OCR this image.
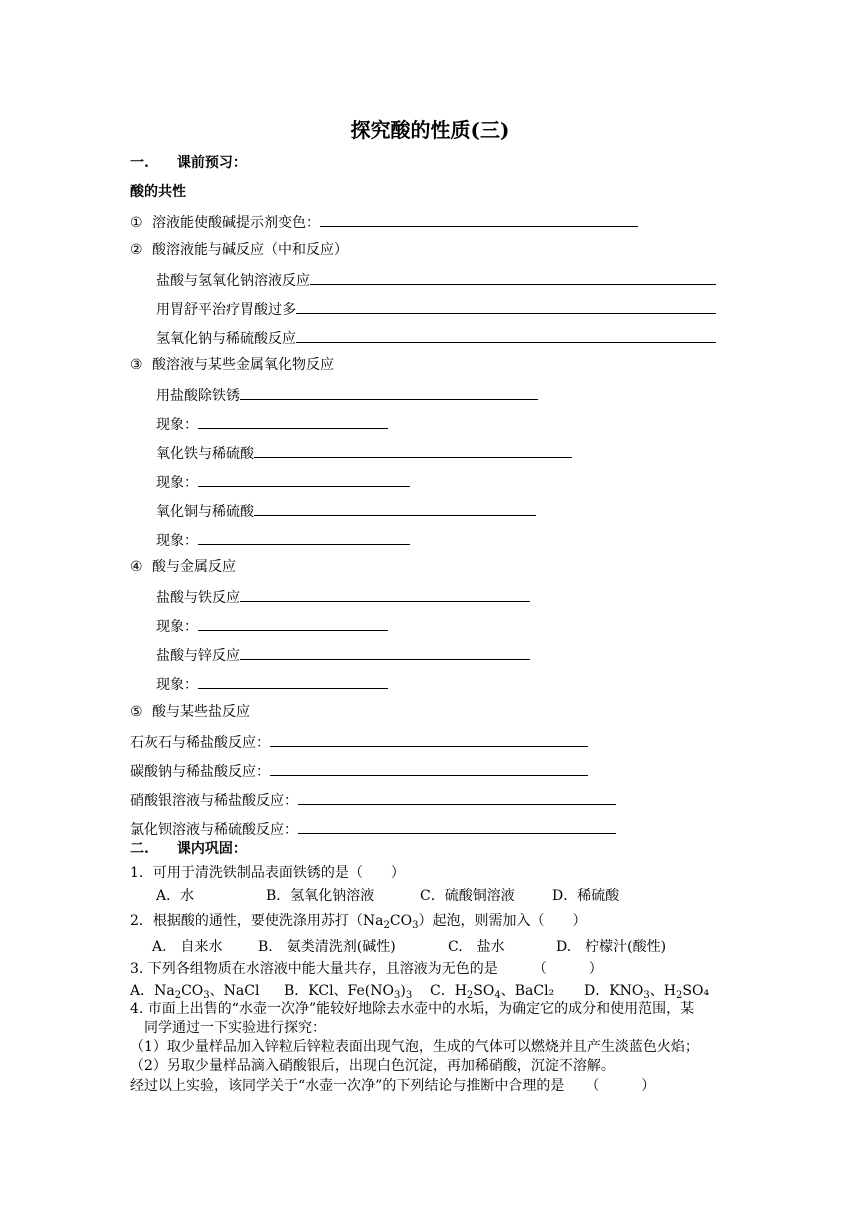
探究酸的性质(三)
一.　　课前预习：
酸的共性
① 溶液能使酸碱提示剂变色：
② 酸溶液能与碱反应（中和反应）
盐酸与氢氧化钠溶液反应
用胃舒平治疗胃酸过多
氢氧化钠与稀硫酸反应
③ 酸溶液与某些金属氧化物反应
用盐酸除铁锈
现象：
氧化铁与稀硫酸
现象：
氧化铜与稀硫酸
现象：
④ 酸与金属反应
盐酸与铁反应
现象：
盐酸与锌反应
现象：
⑤ 酸与某些盐反应
石灰石与稀盐酸反应：
碳酸钠与稀盐酸反应：
硝酸银溶液与稀盐酸反应：
氯化钡溶液与稀硫酸反应：
二.　　课内巩固：
1．可用于清洗铁制品表面铁锈的是（　　）
A．水	B．氢氧化钠溶液	C．硫酸铜溶液	D．稀硫酸
2．根据酸的通性，要使洗涤用苏打$(Na_2CO_3)$起泡，则需加入（　　）
A.　自来水	B.　氨类清洗剂(碱性)	C.　盐水	D.　柠檬汁(酸性)
3. 下列各组物质在水溶液中能大量共存，且溶液为无色的是　　　（　　　）
A．$Na_2CO_3$、NaCl B．KCl、$Fe(NO_3)_3$ C．$H_2SO_4$、BaCl₂ D．$KNO_3$、$H_2SO_4$
4. 市面上出售的“水壶一次净”能较好地除去水壶中的水垢，为确定它的成分和使用范围，某
同学通过一下实验进行探究：
（1）取少量样品加入锌粒后锌粒表面出现气泡，生成的气体可以燃烧并且产生淡蓝色火焰；
（2）另取少量样品滴入硝酸银后，出现白色沉淀，再加稀硝酸，沉淀不溶解。
经过以上实验，该同学关于“水壶一次净”的下列结论与推断中合理的是　　（　　　）
